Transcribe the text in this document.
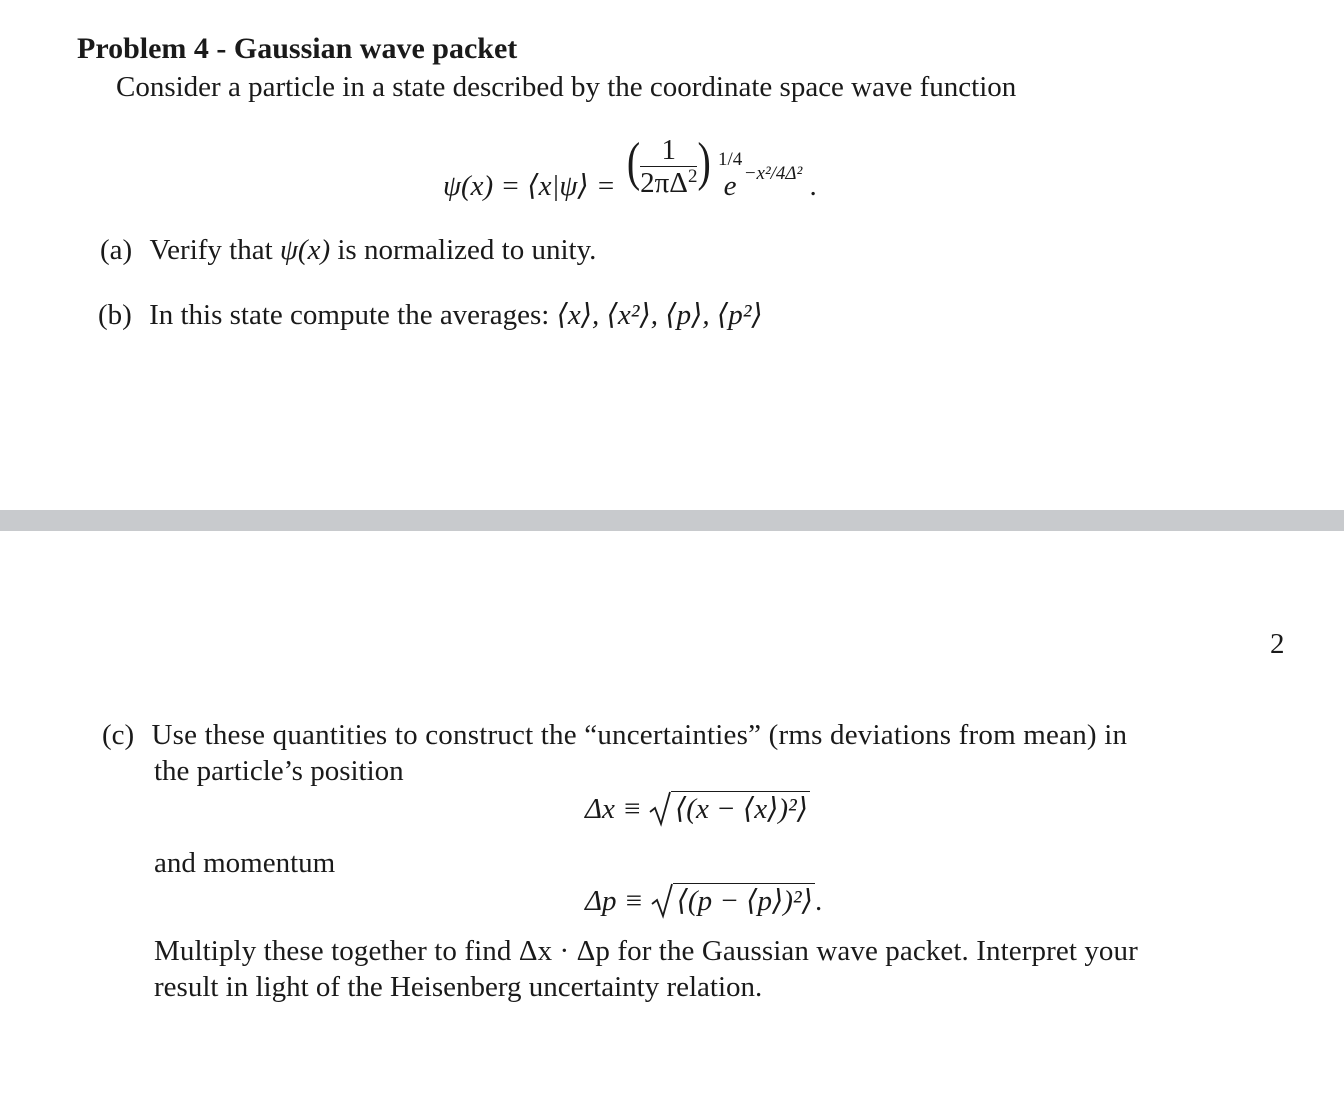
Problem 4 - Gaussian wave packet
Consider a particle in a state described by the coordinate space wave function
ψ(x) = ⟨x|ψ⟩ = ( $\frac{1}{2\pi\Delta^2}$ ) 1/4 e $_{-x^2/4\Delta^2}$ .
(a) Verify that ψ(x) is normalized to unity.
(b) In this state compute the averages: ⟨x⟩, ⟨x²⟩, ⟨p⟩, ⟨p²⟩
2
(c) Use these quantities to construct the “uncertainties” (rms deviations from mean) in
the particle’s position
Δx ≡ ⟨(x − ⟨x⟩)²⟩
and momentum
Δp ≡ ⟨(p − ⟨p⟩)²⟩.
Multiply these together to find Δx · Δp for the Gaussian wave packet. Interpret your
result in light of the Heisenberg uncertainty relation.
